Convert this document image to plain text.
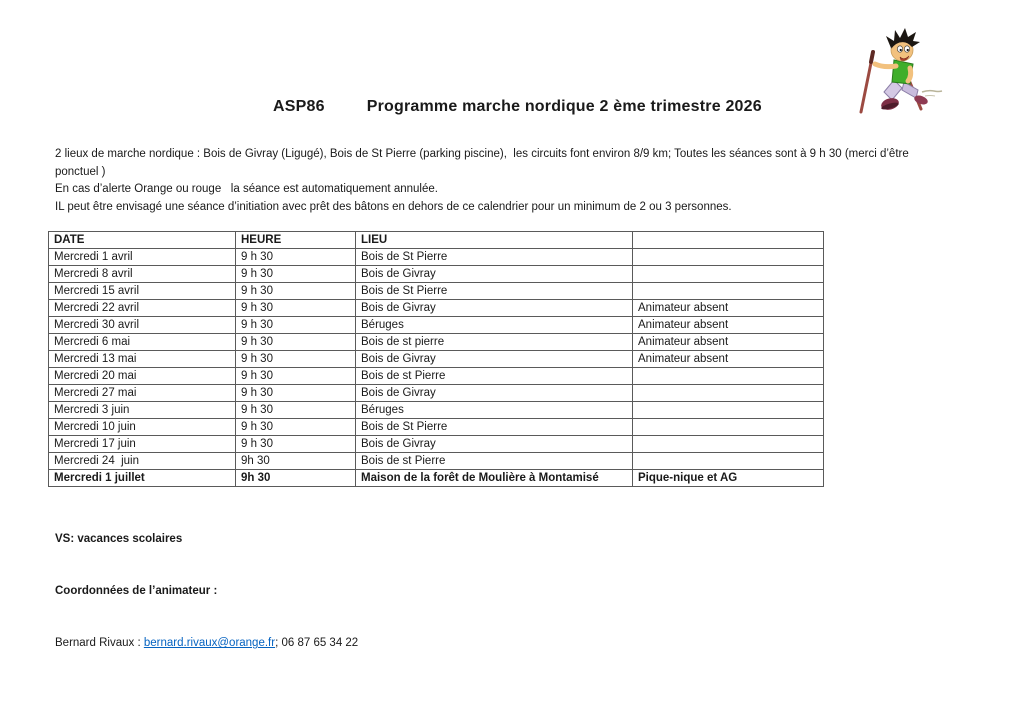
ASP86	Programme marche nordique 2 ème trimestre 2026
2 lieux de marche nordique : Bois de Givray (Ligugé), Bois de St Pierre (parking piscine),  les circuits font environ 8/9 km; Toutes les séances sont à 9 h 30 (merci d’être
ponctuel )
En cas d’alerte Orange ou rouge   la séance est automatiquement annulée.
IL peut être envisagé une séance d’initiation avec prêt des bâtons en dehors de ce calendrier pour un minimum de 2 ou 3 personnes.
DATE	HEURE	LIEU	
Mercredi 1 avril	9 h 30	Bois de St Pierre	
Mercredi 8 avril	9 h 30	Bois de Givray	
Mercredi 15 avril	9 h 30	Bois de St Pierre	
Mercredi 22 avril	9 h 30	Bois de Givray	Animateur absent
Mercredi 30 avril	9 h 30	Béruges	Animateur absent
Mercredi 6 mai	9 h 30	Bois de st pierre	Animateur absent
Mercredi 13 mai	9 h 30	Bois de Givray	Animateur absent
Mercredi 20 mai	9 h 30	Bois de st Pierre	
Mercredi 27 mai	9 h 30	Bois de Givray	
Mercredi 3 juin	9 h 30	Béruges	
Mercredi 10 juin	9 h 30	Bois de St Pierre	
Mercredi 17 juin	9 h 30	Bois de Givray	
Mercredi 24  juin	9h 30	Bois de st Pierre	
Mercredi 1 juillet	9h 30	Maison de la forêt de Moulière à Montamisé	Pique-nique et AG

VS: vacances scolaires

Coordonnées de l’animateur :

Bernard Rivaux : bernard.rivaux@orange.fr; 06 87 65 34 22
